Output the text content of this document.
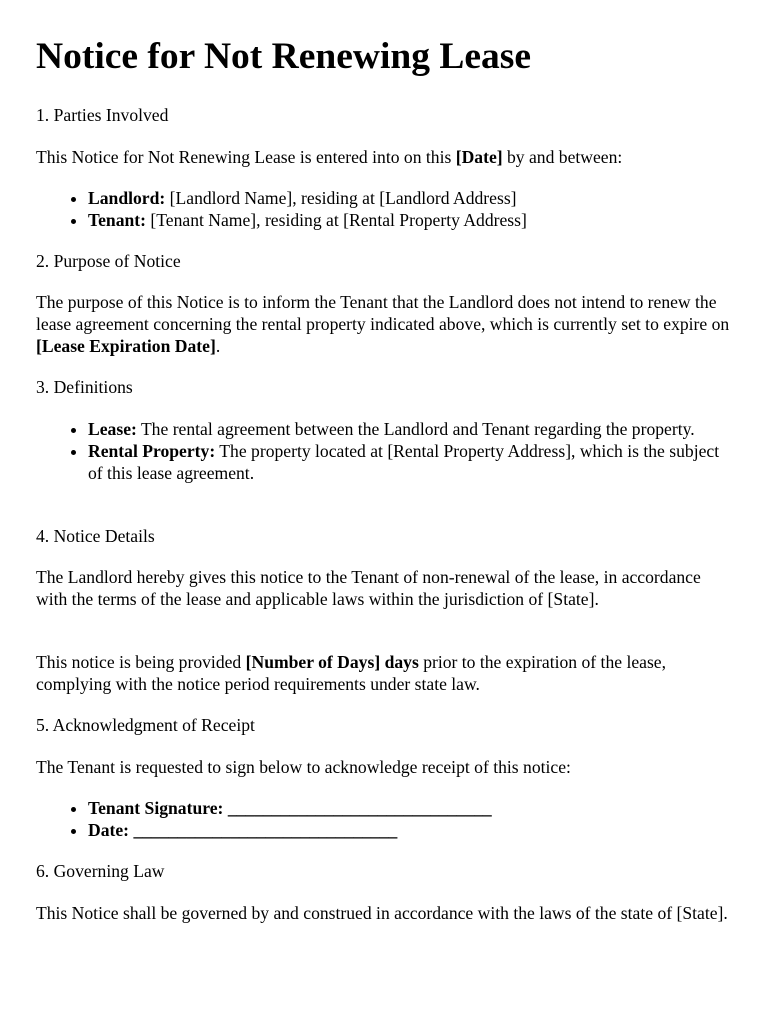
Notice for Not Renewing Lease
1. Parties Involved

This Notice for Not Renewing Lease is entered into on this [Date] by and between:

• Landlord: [Landlord Name], residing at [Landlord Address]
• Tenant: [Tenant Name], residing at [Rental Property Address]
2. Purpose of Notice

The purpose of this Notice is to inform the Tenant that the Landlord does not intend to renew the lease agreement concerning the rental property indicated above, which is currently set to expire on [Lease Expiration Date].

3. Definitions
• Lease: The rental agreement between the Landlord and Tenant regarding the property.
• Rental Property: The property located at [Rental Property Address], which is the subject of this lease agreement.
4. Notice Details

The Landlord hereby gives this notice to the Tenant of non-renewal of the lease, in accordance with the terms of the lease and applicable laws within the jurisdiction of [State].

This notice is being provided [Number of Days] days prior to the expiration of the lease, complying with the notice period requirements under state law.

5. Acknowledgment of Receipt

The Tenant is requested to sign below to acknowledge receipt of this notice:

• Tenant Signature: ______________________________
• Date: ______________________________
6. Governing Law

This Notice shall be governed by and construed in accordance with the laws of the state of [State].
